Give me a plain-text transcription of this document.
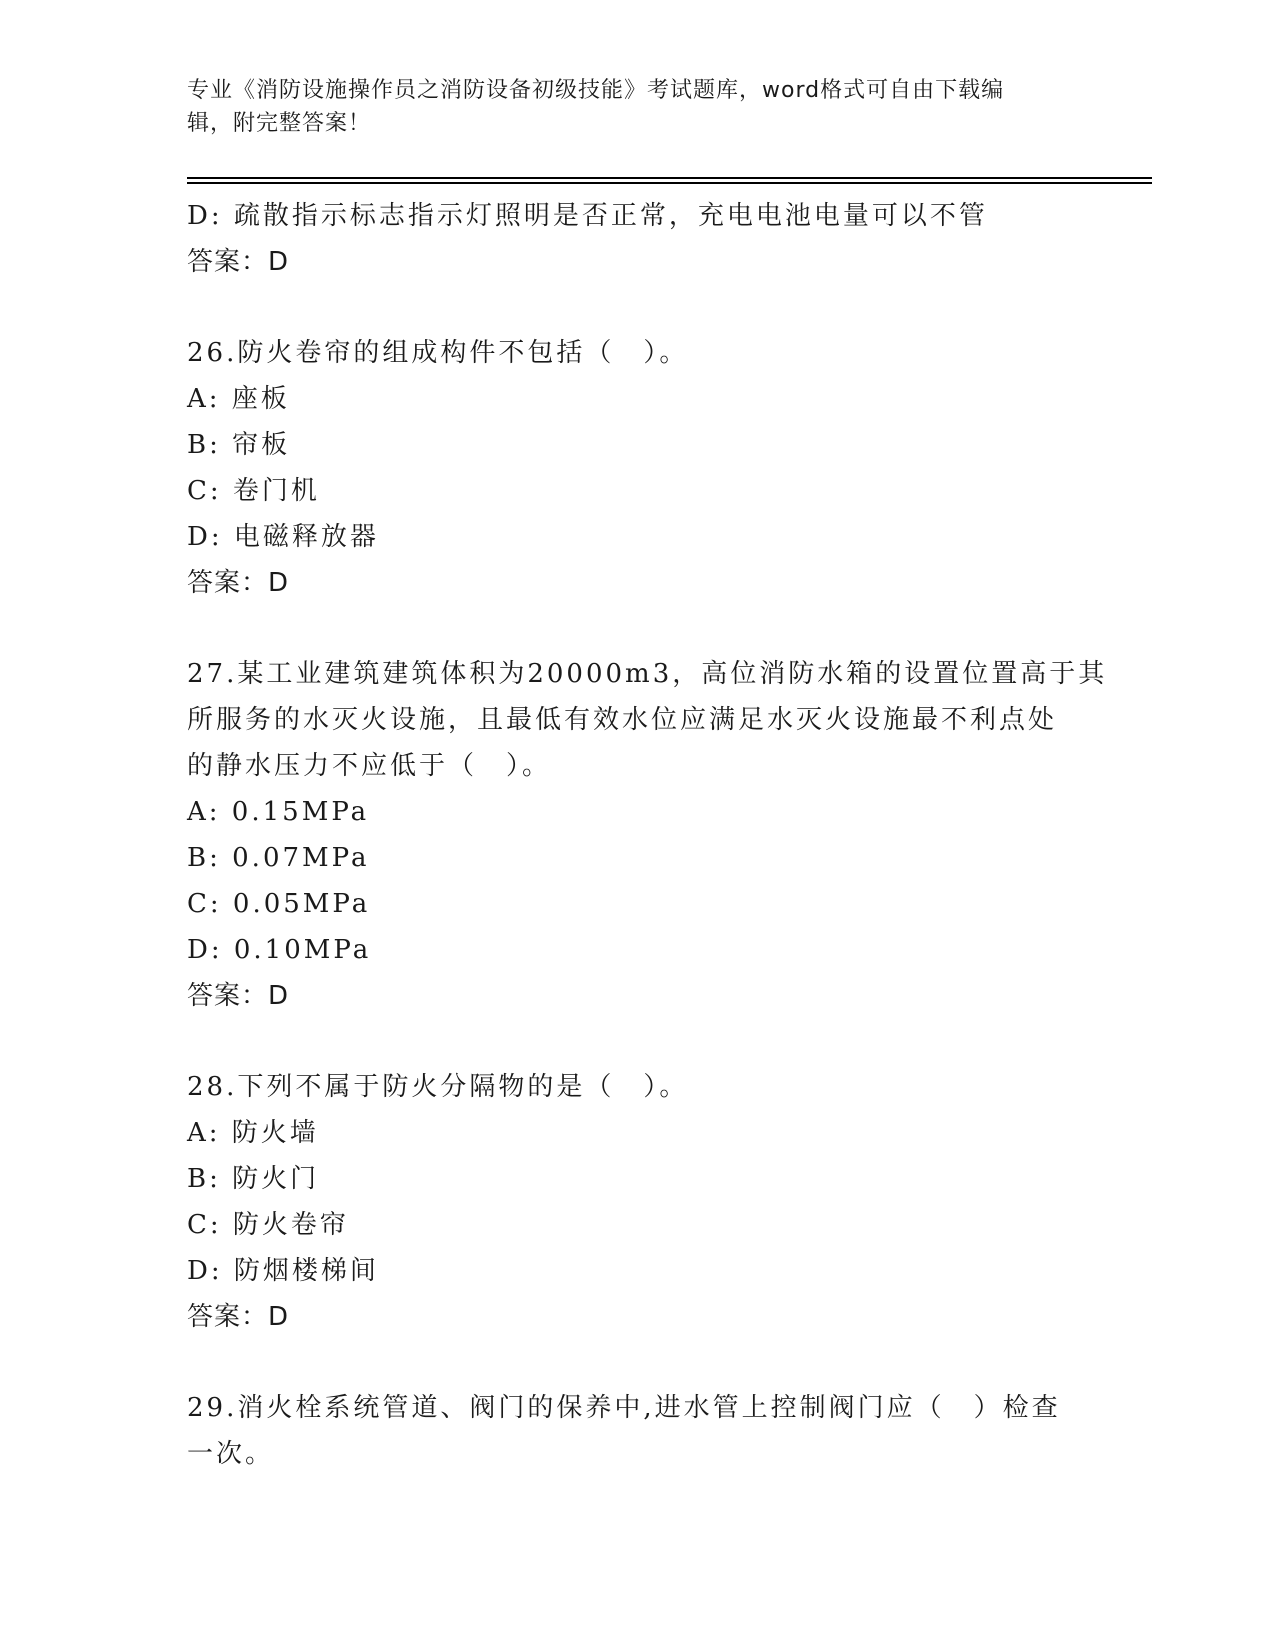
专业《消防设施操作员之消防设备初级技能》考试题库，word格式可自由下载编
辑，附完整答案！
D: 疏散指示标志指示灯照明是否正常，充电电池电量可以不管
答案：D
26.防火卷帘的组成构件不包括（　）。
A: 座板
B: 帘板
C: 卷门机
D: 电磁释放器
答案：D
27.某工业建筑建筑体积为20000m3，高位消防水箱的设置位置高于其
所服务的水灭火设施，且最低有效水位应满足水灭火设施最不利点处
的静水压力不应低于（　）。
A: 0.15MPa
B: 0.07MPa
C: 0.05MPa
D: 0.10MPa
答案：D
28.下列不属于防火分隔物的是（　）。
A: 防火墙
B: 防火门
C: 防火卷帘
D: 防烟楼梯间
答案：D
29.消火栓系统管道、阀门的保养中,进水管上控制阀门应（　）检查
一次。
